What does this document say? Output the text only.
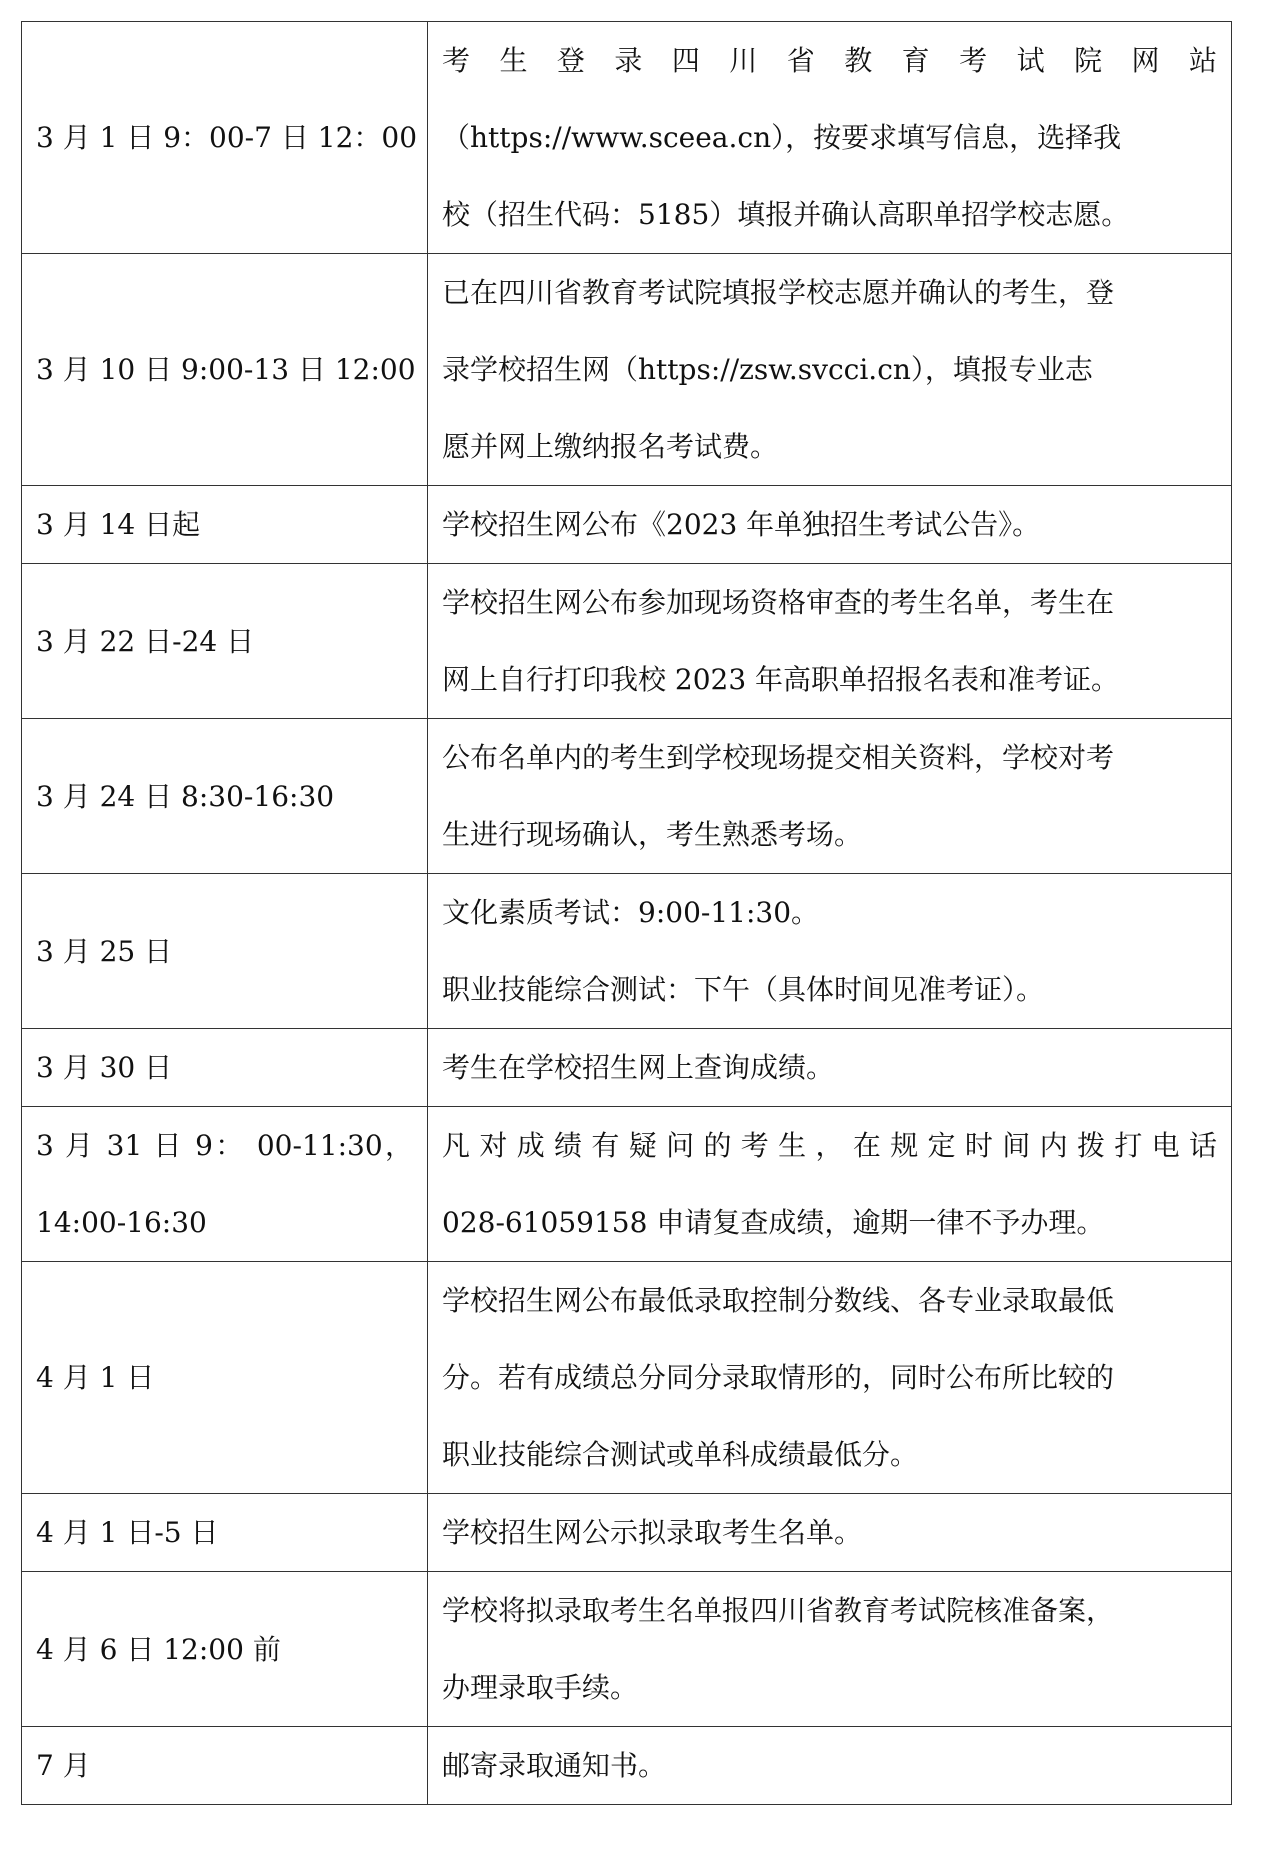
3 月 1 日 9：00-7 日 12：00	考 生 登 录 四 川 省 教 育 考 试 院 网 站
（https://www.sceea.cn），按要求填写信息，选择我
校（招生代码：5185）填报并确认高职单招学校志愿。

3 月 10 日 9:00-13 日 12:00	已在四川省教育考试院填报学校志愿并确认的考生，登
录学校招生网（https://zsw.svcci.cn），填报专业志
愿并网上缴纳报名考试费。

3 月 14 日起	学校招生网公布《2023 年单独招生考试公告》。

3 月 22 日-24 日	学校招生网公布参加现场资格审查的考生名单，考生在
网上自行打印我校 2023 年高职单招报名表和准考证。

3 月 24 日 8:30-16:30	公布名单内的考生到学校现场提交相关资料，学校对考
生进行现场确认，考生熟悉考场。

3 月 25 日	文化素质考试：9:00-11:30。
职业技能综合测试：下午（具体时间见准考证）。

3 月 30 日	考生在学校招生网上查询成绩。

3 月 31 日 9： 00-11:30，
14:00-16:30	凡 对 成 绩 有 疑 问 的 考 生 ， 在 规 定 时 间 内 拨 打 电 话
028-61059158 申请复查成绩，逾期一律不予办理。

4 月 1 日	学校招生网公布最低录取控制分数线、各专业录取最低
分。若有成绩总分同分录取情形的，同时公布所比较的
职业技能综合测试或单科成绩最低分。

4 月 1 日-5 日	学校招生网公示拟录取考生名单。

4 月 6 日 12:00 前	学校将拟录取考生名单报四川省教育考试院核准备案，
办理录取手续。

7 月	邮寄录取通知书。
